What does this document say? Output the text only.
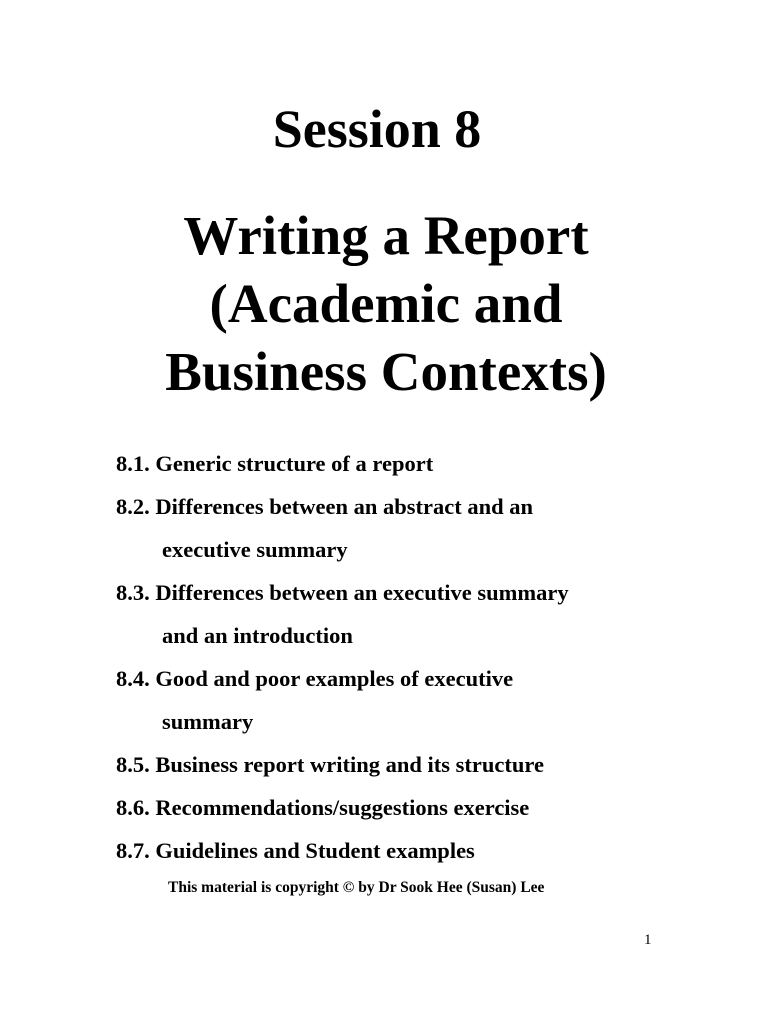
Session 8
Writing a Report
(Academic and
Business Contexts)
8.1. Generic structure of a report
8.2. Differences between an abstract and an
executive summary
8.3. Differences between an executive summary
and an introduction
8.4. Good and poor examples of executive
summary
8.5. Business report writing and its structure
8.6. Recommendations/suggestions exercise
8.7. Guidelines and Student examples
This material is copyright © by Dr Sook Hee (Susan) Lee
1
